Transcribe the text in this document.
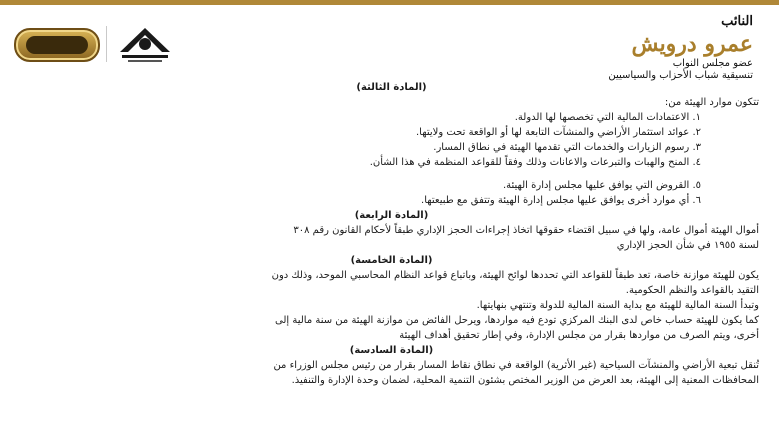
النائب
عمرو درويش
عضو مجلس النواب
تنسيقية شباب الأحزاب والسياسيين

(المادة الثالثة)

تتكون موارد الهيئة من:

١. الاعتمادات المالية التي تخصصها لها الدولة.

٢. عوائد استثمار الأراضي والمنشآت التابعة لها أو الواقعة تحت ولايتها.

٣. رسوم الزيارات والخدمات التي تقدمها الهيئة في نطاق المسار.

٤. المنح والهبات والتبرعات والاعانات وذلك وفقاً للقواعد المنظمة في هذا الشأن.

٥. القروض التي يوافق عليها مجلس إدارة الهيئة.

٦. أي موارد أخرى يوافق عليها مجلس إدارة الهيئة وتتفق مع طبيعتها.

(المادة الرابعة)

أموال الهيئة أموال عامة، ولها في سبيل اقتضاء حقوقها اتخاذ إجراءات الحجز الإداري طبقاً لأحكام القانون رقم ٣٠٨

لسنة ١٩٥٥ في شأن الحجز الإداري

(المادة الخامسة)

يكون للهيئة موازنة خاصة، تعد طبقاً للقواعد التي تحددها لوائح الهيئة، وباتباع قواعد النظام المحاسبي الموحد، وذلك دون

التقيد بالقواعد والنظم الحكومية.

وتبدأ السنة المالية للهيئة مع بداية السنة المالية للدولة وتنتهي بنهايتها.

كما يكون للهيئة حساب خاص لدى البنك المركزي تودع فيه مواردها، ويرحل الفائض من موازنة الهيئة من سنة مالية إلى

أخرى، ويتم الصرف من مواردها بقرار من مجلس الإدارة، وفي إطار تحقيق أهداف الهيئة

(المادة السادسة)

تُنقل تبعية الأراضي والمنشآت السياحية (غير الأثرية) الواقعة في نطاق نقاط المسار بقرار من رئيس مجلس الوزراء من

المحافظات المعنية إلى الهيئة، بعد العرض من الوزير المختص بشئون التنمية المحلية، لضمان وحدة الإدارة والتنفيذ.
